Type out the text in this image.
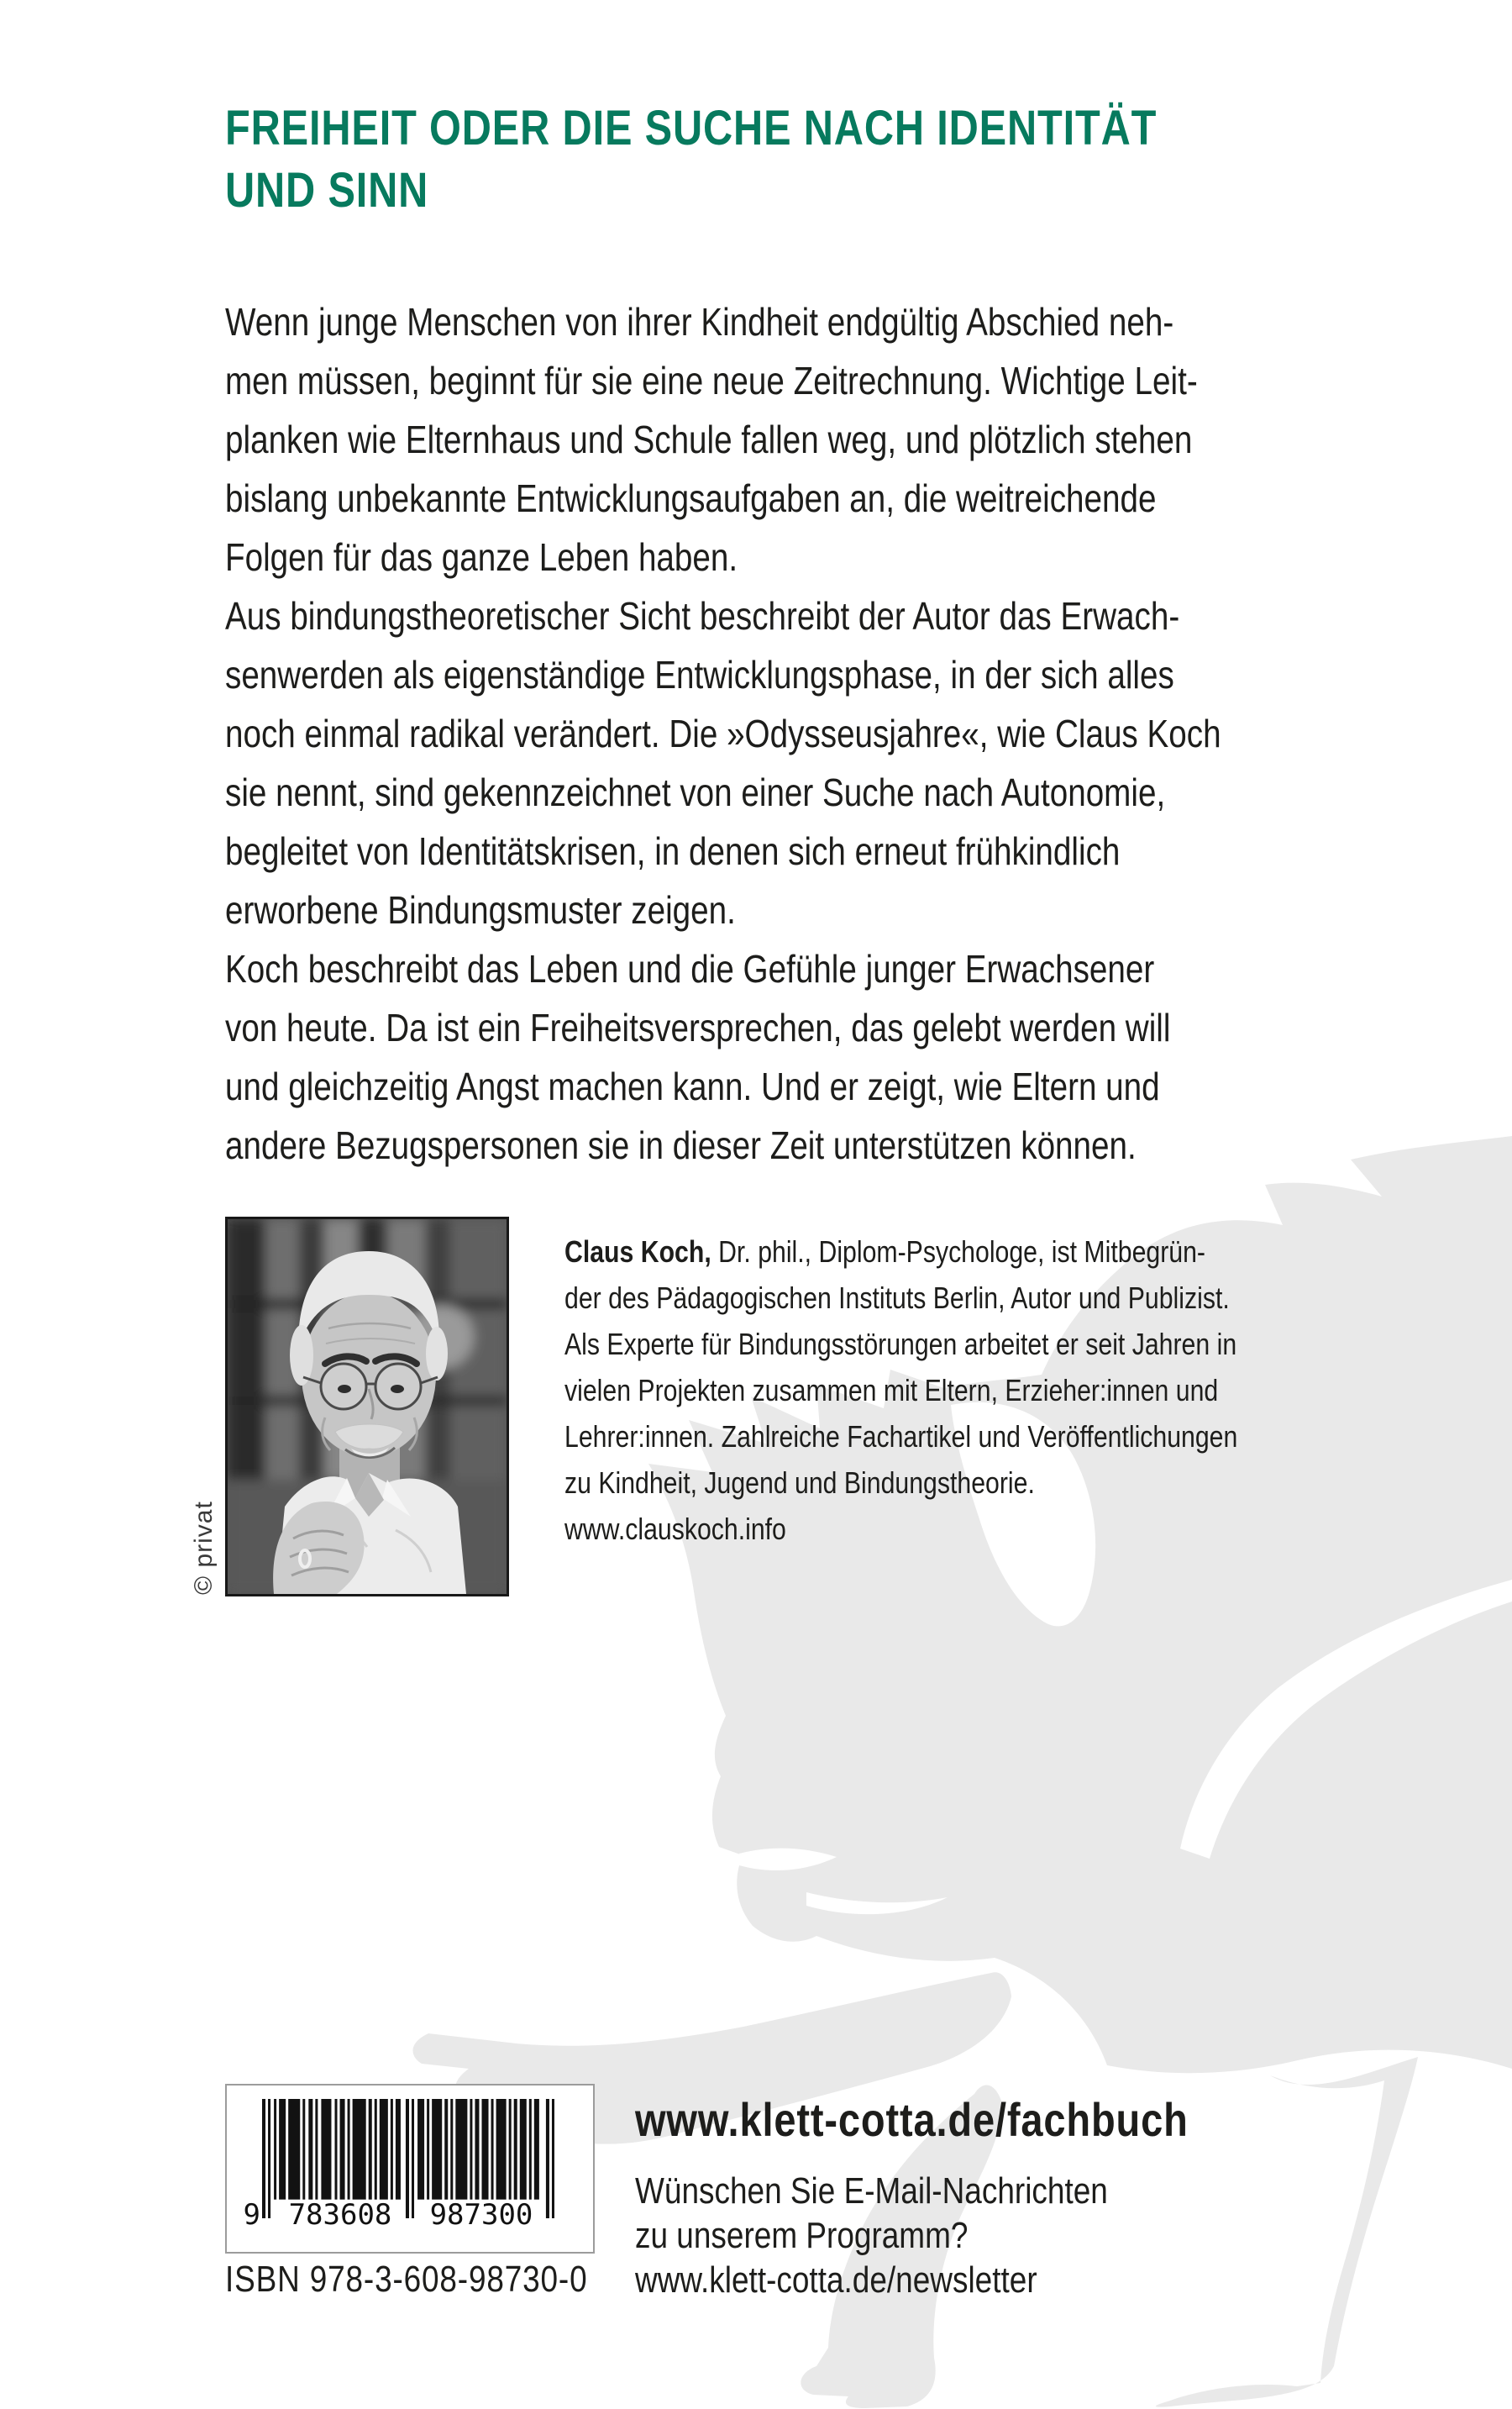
FREIHEIT ODER DIE SUCHE NACH IDENTITÄT
UND SINN
Wenn junge Menschen von ihrer Kindheit endgültig Abschied neh-
men müssen, beginnt für sie eine neue Zeitrechnung. Wichtige Leit-
planken wie Elternhaus und Schule fallen weg, und plötzlich stehen
bislang unbekannte Entwicklungsaufgaben an, die weitreichende
Folgen für das ganze Leben haben.
Aus bindungstheoretischer Sicht beschreibt der Autor das Erwach-
senwerden als eigenständige Entwicklungsphase, in der sich alles
noch einmal radikal verändert. Die »Odysseusjahre«, wie Claus Koch
sie nennt, sind gekennzeichnet von einer Suche nach Autonomie,
begleitet von Identitätskrisen, in denen sich erneut frühkindlich
erworbene Bindungsmuster zeigen.
Koch beschreibt das Leben und die Gefühle junger Erwachsener
von heute. Da ist ein Freiheitsversprechen, das gelebt werden will
und gleichzeitig Angst machen kann. Und er zeigt, wie Eltern und
andere Bezugspersonen sie in dieser Zeit unterstützen können.
© privat
Claus Koch, Dr. phil., Diplom-Psychologe, ist Mitbegrün-
der des Pädagogischen Instituts Berlin, Autor und Publizist.
Als Experte für Bindungsstörungen arbeitet er seit Jahren in
vielen Projekten zusammen mit Eltern, Erzieher:innen und
Lehrer:innen. Zahlreiche Fachartikel und Veröffentlichungen
zu Kindheit, Jugend und Bindungstheorie.
www.clauskoch.info
9 783608	987300
ISBN 978-3-608-98730-0
www.klett-cotta.de/fachbuch
Wünschen Sie E-Mail-Nachrichten
zu unserem Programm?
www.klett-cotta.de/newsletter
